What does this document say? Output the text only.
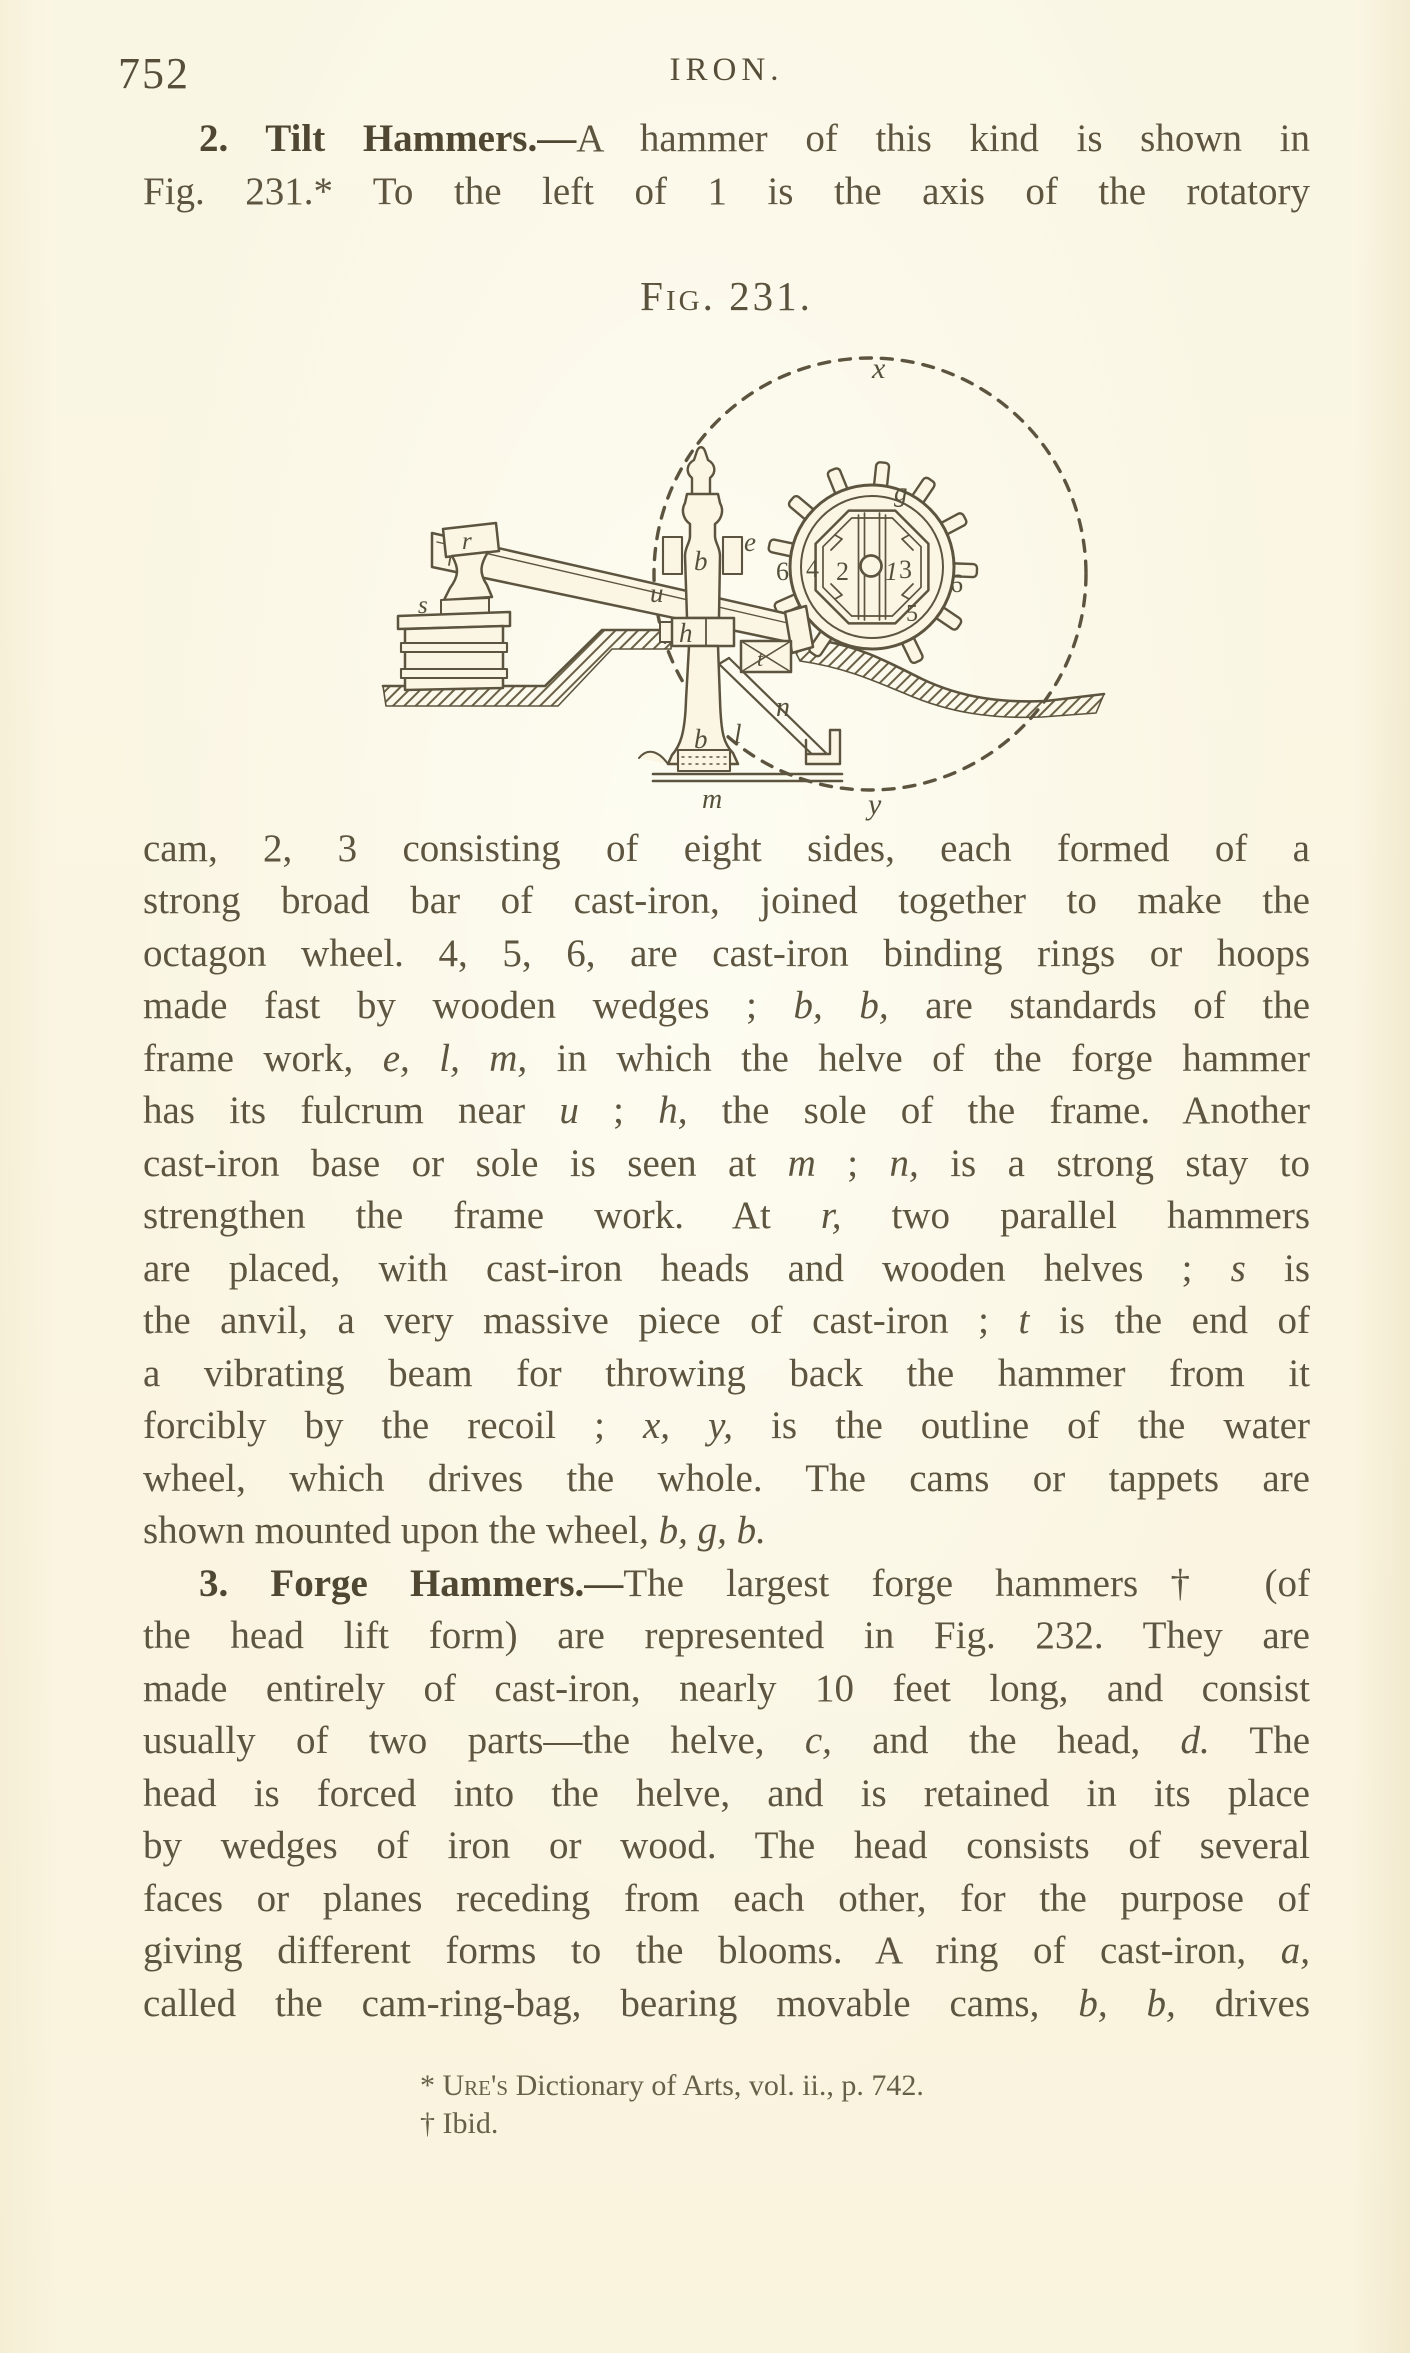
752	IRON.
2. Tilt Hammers.—A hammer of this kind is shown in
Fig. 231.* To the left of 1 is the axis of the rotatory
Fig. 231.
x
y
g
e
b
u
h
t
r
s
b l
n
m
6 4 2 1 3
5
6
cam, 2, 3 consisting of eight sides, each formed of a
strong broad bar of cast-iron, joined together to make the
octagon wheel. 4, 5, 6, are cast-iron binding rings or hoops
made fast by wooden wedges ; b, b, are standards of the
frame work, e, l, m, in which the helve of the forge hammer
has its fulcrum near u ; h, the sole of the frame. Another
cast-iron base or sole is seen at m ; n, is a strong stay to
strengthen the frame work. At r, two parallel hammers
are placed, with cast-iron heads and wooden helves ; s is
the anvil, a very massive piece of cast-iron ; t is the end of
a vibrating beam for throwing back the hammer from it
forcibly by the recoil ; x, y, is the outline of the water
wheel, which drives the whole. The cams or tappets are
shown mounted upon the wheel, b, g, b.
3. Forge Hammers.—The largest forge hammers† (of
the head lift form) are represented in Fig. 232. They are
made entirely of cast-iron, nearly 10 feet long, and consist
usually of two parts—the helve, c, and the head, d. The
head is forced into the helve, and is retained in its place
by wedges of iron or wood. The head consists of several
faces or planes receding from each other, for the purpose of
giving different forms to the blooms. A ring of cast-iron, a,
called the cam-ring-bag, bearing movable cams, b, b, drives
* Ure's Dictionary of Arts, vol. ii., p. 742.
† Ibid.
